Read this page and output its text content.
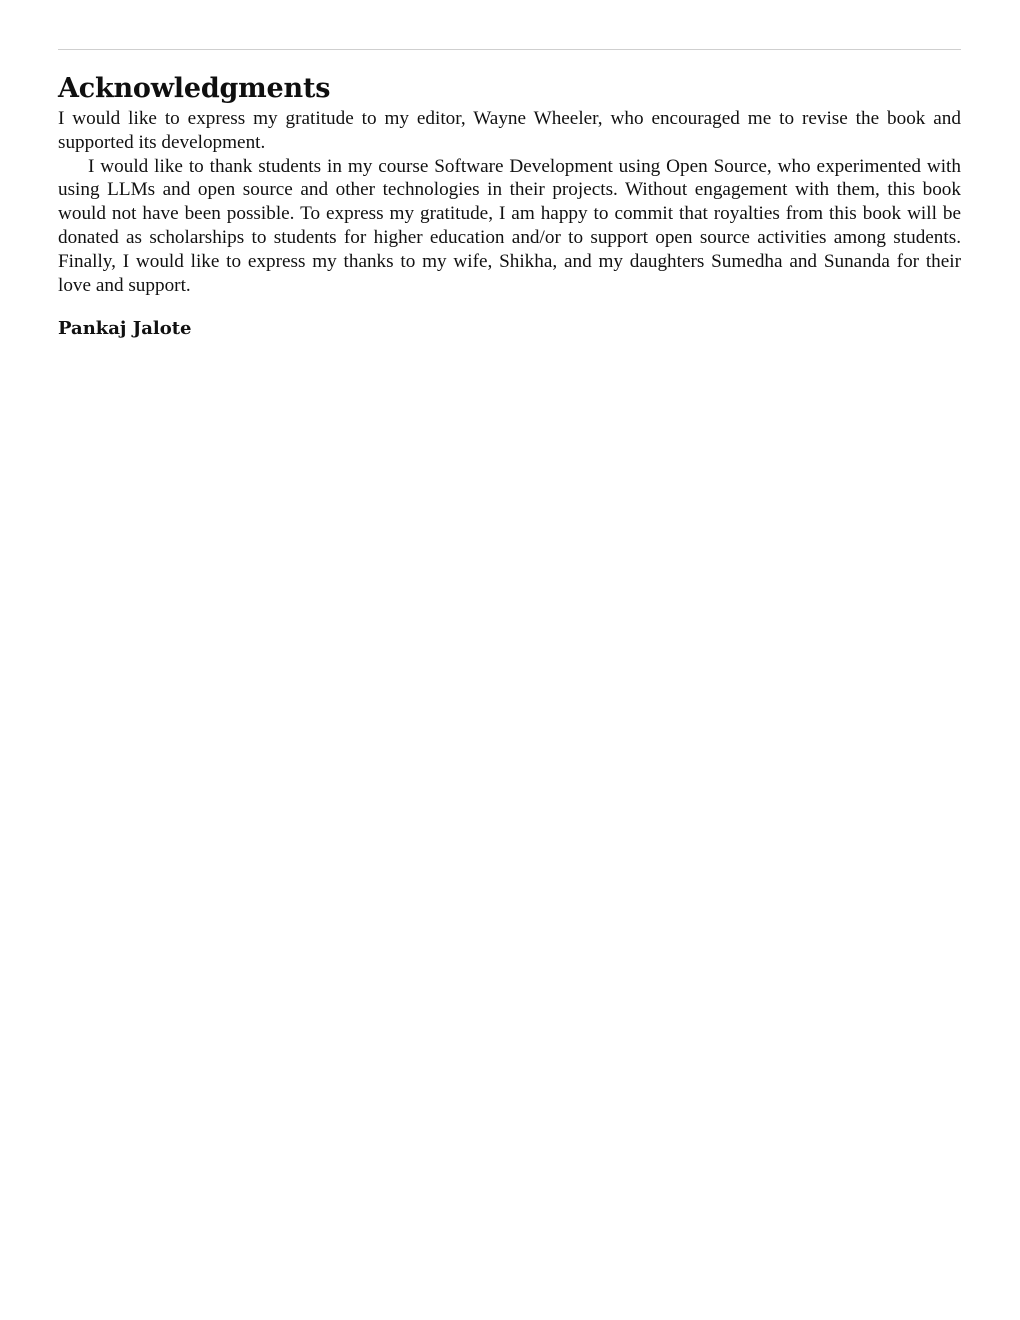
Acknowledgments

I would like to express my gratitude to my editor, Wayne Wheeler, who encouraged me to revise the book and supported its development.

I would like to thank students in my course Software Development using Open Source, who experimented with using LLMs and open source and other technologies in their projects. Without engagement with them, this book would not have been possible. To express my gratitude, I am happy to commit that royalties from this book will be donated as scholarships to students for higher education and/or to support open source activities among students. Finally, I would like to express my thanks to my wife, Shikha, and my daughters Sumedha and Sunanda for their love and support.

Pankaj Jalote
